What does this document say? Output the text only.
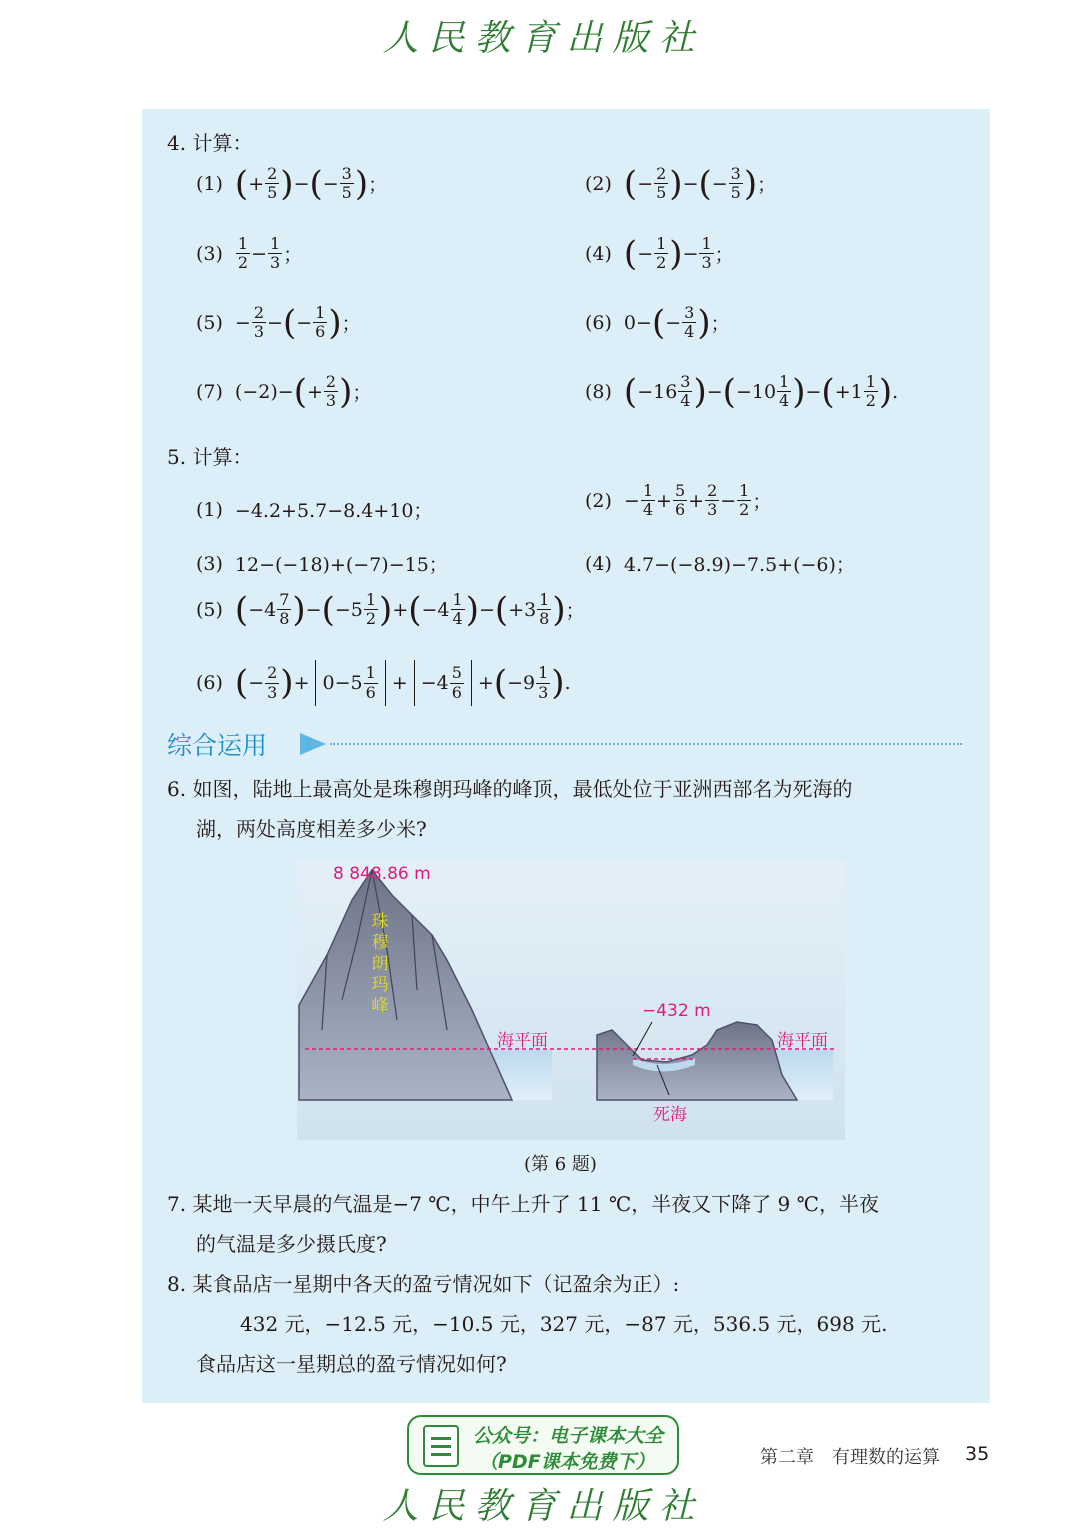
人民教育出版社
4. 计算：
(1) ( + $\frac{2}{5}$ ) − ( − $\frac{3}{5}$ ) ；	(2) ( − $\frac{2}{5}$ ) − ( − $\frac{3}{5}$ ) ；
$(3) \frac{1}{2} - \frac{1}{3}$ ；	(4) ( − $\frac{1}{2}$ ) − $\frac{1}{3}$ ；
$(5) - \frac{2}{3}$ − ( − $\frac{1}{6}$ ) ；	(6) 0− ( − $\frac{3}{4}$ ) ；
(7) (−2)− ( + $\frac{2}{3}$ ) ；	(8) ( $-16 \frac{3}{4}$ ) − ( $-10 \frac{1}{4}$ ) − ( $+1 \frac{1}{2}$ ) .
5. 计算：
(1) −4.2+5.7−8.4+10；	$(2) - \frac{1}{4} + \frac{5}{6} + \frac{2}{3} - \frac{1}{2}$ ；
(3) 12−(−18)+(−7)−15；	(4) 4.7−(−8.9)−7.5+(−6)；
(5) ( $-4 \frac{7}{8}$ ) − ( $-5 \frac{1}{2}$ ) + ( $-4 \frac{1}{4}$ ) − ( $+3 \frac{1}{8}$ ) ；
(6) ( − $\frac{2}{3}$ ) + $0-5 \frac{1}{6} + -4 \frac{5}{6}$ + ( $-9 \frac{1}{3}$ ) .
综合运用
6. 如图，陆地上最高处是珠穆朗玛峰的峰顶，最低处位于亚洲西部名为死海的
湖，两处高度相差多少米?
8 848.86 m
珠穆朗玛峰
海平面	海平面
−432 m
死海
(第 6 题)
7. 某地一天早晨的气温是−7 ℃，中午上升了 11 ℃，半夜又下降了 9 ℃，半夜
的气温是多少摄氏度?
8. 某食品店一星期中各天的盈亏情况如下（记盈余为正）:
432 元，−12.5 元，−10.5 元，327 元，−87 元，536.5 元，698 元.
食品店这一星期总的盈亏情况如何?
公众号：电子课本大全
（PDF课本免费下）	第二章　有理数的运算 35
人民教育出版社
